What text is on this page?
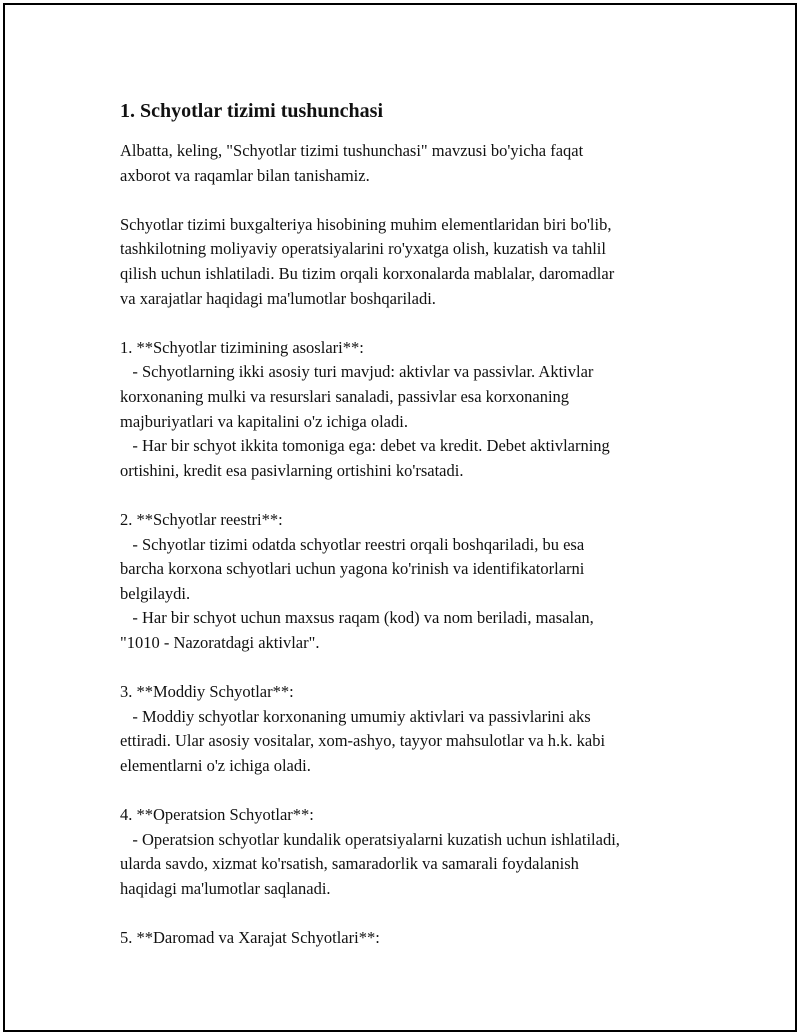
1. Schyotlar tizimi tushunchasi
Albatta, keling, "Schyotlar tizimi tushunchasi" mavzusi bo'yicha faqat
axborot va raqamlar bilan tanishamiz.
Schyotlar tizimi buxgalteriya hisobining muhim elementlaridan biri bo'lib,
tashkilotning moliyaviy operatsiyalarini ro'yxatga olish, kuzatish va tahlil
qilish uchun ishlatiladi. Bu tizim orqali korxonalarda mablalar, daromadlar
va xarajatlar haqidagi ma'lumotlar boshqariladi.
1. **Schyotlar tizimining asoslari**:
- Schyotlarning ikki asosiy turi mavjud: aktivlar va passivlar. Aktivlar
korxonaning mulki va resurslari sanaladi, passivlar esa korxonaning
majburiyatlari va kapitalini o'z ichiga oladi.
- Har bir schyot ikkita tomoniga ega: debet va kredit. Debet aktivlarning
ortishini, kredit esa pasivlarning ortishini ko'rsatadi.
2. **Schyotlar reestri**:
- Schyotlar tizimi odatda schyotlar reestri orqali boshqariladi, bu esa
barcha korxona schyotlari uchun yagona ko'rinish va identifikatorlarni
belgilaydi.
- Har bir schyot uchun maxsus raqam (kod) va nom beriladi, masalan,
"1010 - Nazoratdagi aktivlar".
3. **Moddiy Schyotlar**:
- Moddiy schyotlar korxonaning umumiy aktivlari va passivlarini aks
ettiradi. Ular asosiy vositalar, xom-ashyo, tayyor mahsulotlar va h.k. kabi
elementlarni o'z ichiga oladi.
4. **Operatsion Schyotlar**:
- Operatsion schyotlar kundalik operatsiyalarni kuzatish uchun ishlatiladi,
ularda savdo, xizmat ko'rsatish, samaradorlik va samarali foydalanish
haqidagi ma'lumotlar saqlanadi.
5. **Daromad va Xarajat Schyotlari**:
